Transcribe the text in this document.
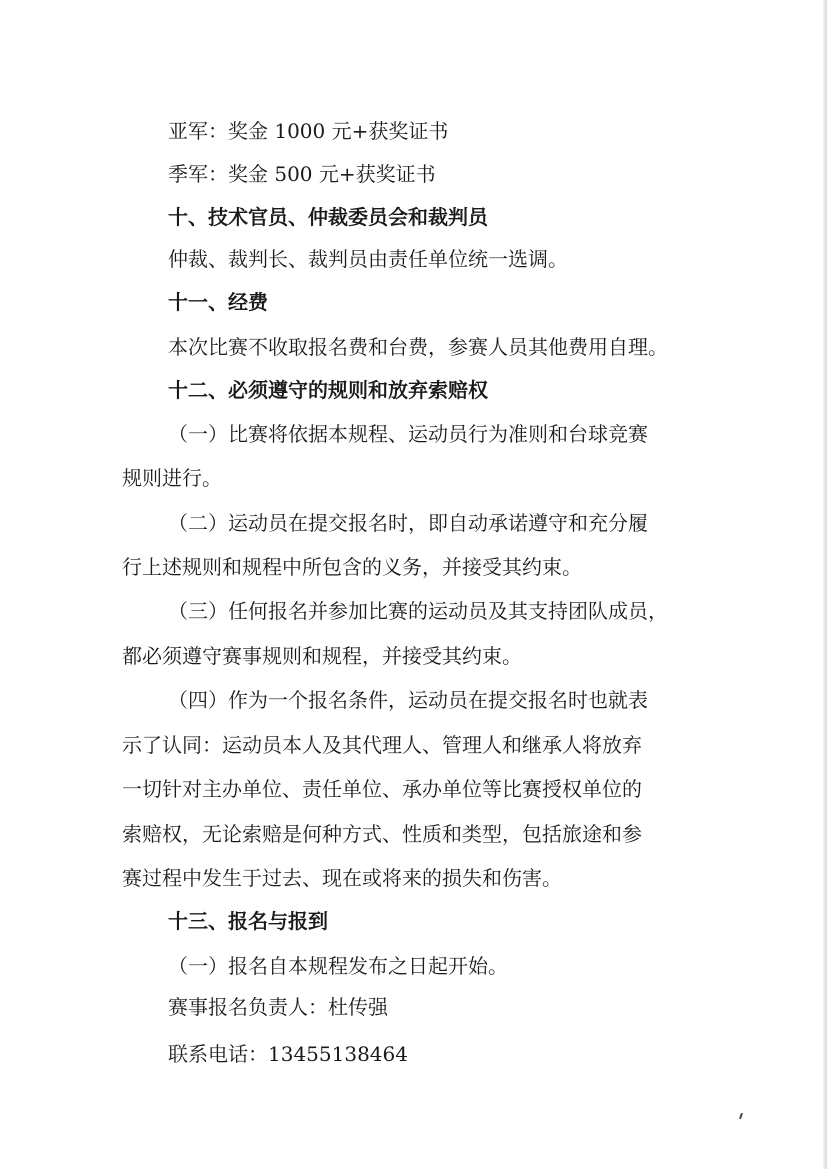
亚军：奖金 1000 元+获奖证书
季军：奖金 500 元+获奖证书
十、技术官员、仲裁委员会和裁判员
仲裁、裁判长、裁判员由责任单位统一选调。
十一、经费
本次比赛不收取报名费和台费，参赛人员其他费用自理。
十二、必须遵守的规则和放弃索赔权
（一）比赛将依据本规程、运动员行为准则和台球竞赛
规则进行。
（二）运动员在提交报名时，即自动承诺遵守和充分履
行上述规则和规程中所包含的义务，并接受其约束。
（三）任何报名并参加比赛的运动员及其支持团队成员，
都必须遵守赛事规则和规程，并接受其约束。
（四）作为一个报名条件，运动员在提交报名时也就表
示了认同：运动员本人及其代理人、管理人和继承人将放弃
一切针对主办单位、责任单位、承办单位等比赛授权单位的
索赔权，无论索赔是何种方式、性质和类型，包括旅途和参
赛过程中发生于过去、现在或将来的损失和伤害。
十三、报名与报到
（一）报名自本规程发布之日起开始。
赛事报名负责人：杜传强
联系电话：13455138464
